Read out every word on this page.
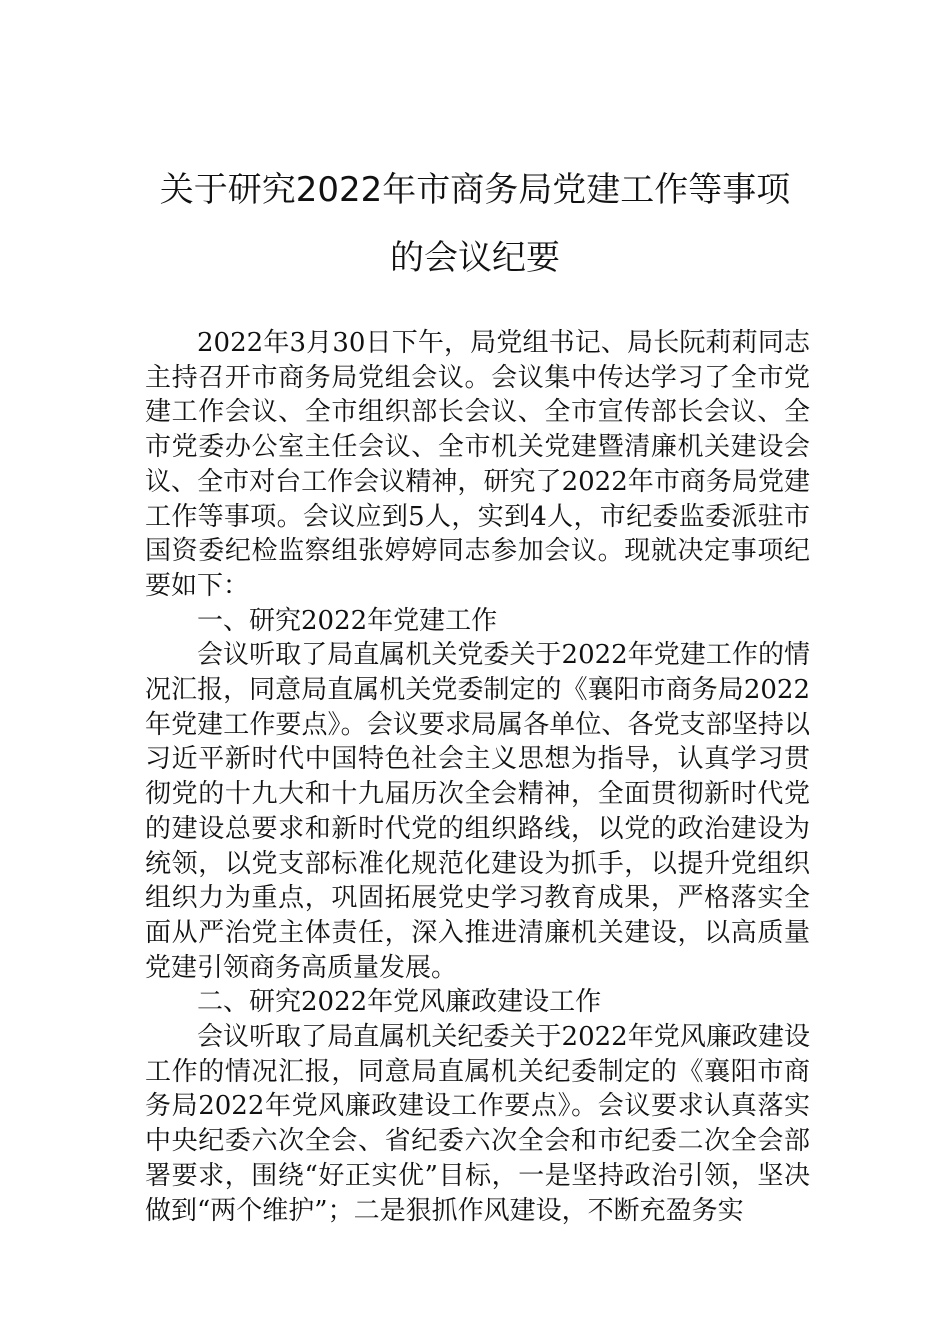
关于研究2022年市商务局党建工作等事项
的会议纪要

2022年3月30日下午，局党组书记、局长阮莉莉同志主持召开市商务局党组会议。会议集中传达学习了全市党建工作会议、全市组织部长会议、全市宣传部长会议、全市党委办公室主任会议、全市机关党建暨清廉机关建设会议、全市对台工作会议精神，研究了2022年市商务局党建工作等事项。会议应到5人，实到4人，市纪委监委派驻市国资委纪检监察组张婷婷同志参加会议。现就决定事项纪要如下：

一、研究2022年党建工作

会议听取了局直属机关党委关于2022年党建工作的情况汇报，同意局直属机关党委制定的《襄阳市商务局2022年党建工作要点》。会议要求局属各单位、各党支部坚持以习近平新时代中国特色社会主义思想为指导，认真学习贯彻党的十九大和十九届历次全会精神，全面贯彻新时代党的建设总要求和新时代党的组织路线，以党的政治建设为统领，以党支部标准化规范化建设为抓手，以提升党组织组织力为重点，巩固拓展党史学习教育成果，严格落实全面从严治党主体责任，深入推进清廉机关建设，以高质量党建引领商务高质量发展。

二、研究2022年党风廉政建设工作

会议听取了局直属机关纪委关于2022年党风廉政建设工作的情况汇报，同意局直属机关纪委制定的《襄阳市商务局2022年党风廉政建设工作要点》。会议要求认真落实中央纪委六次全会、省纪委六次全会和市纪委二次全会部署要求，围绕“好正实优”目标，一是坚持政治引领，坚决做到“两个维护”；二是狠抓作风建设，不断充盈务实
